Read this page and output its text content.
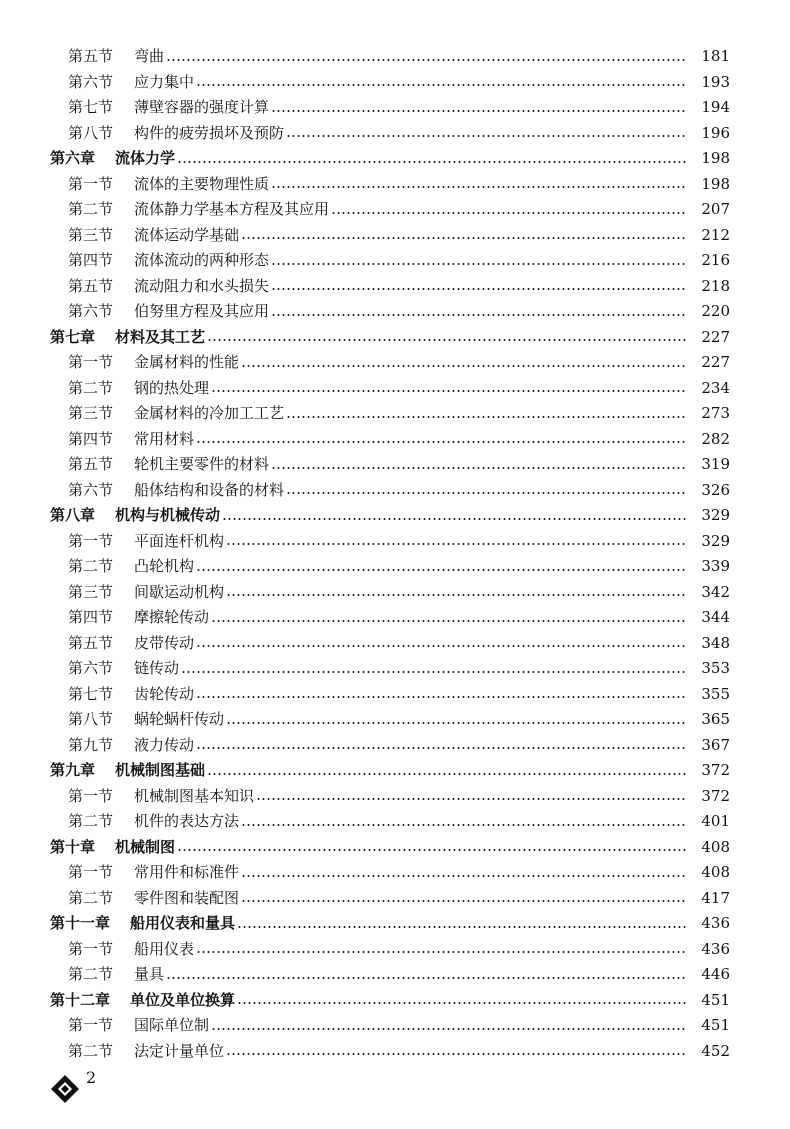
第五节	弯曲	181
第六节	应力集中	193
第七节	薄壁容器的强度计算	194
第八节	构件的疲劳损坏及预防	196
第六章 流体力学	198
第一节	流体的主要物理性质	198
第二节	流体静力学基本方程及其应用	207
第三节	流体运动学基础	212
第四节	流体流动的两种形态	216
第五节	流动阻力和水头损失	218
第六节	伯努里方程及其应用	220
第七章 材料及其工艺	227
第一节	金属材料的性能	227
第二节	钢的热处理	234
第三节	金属材料的冷加工工艺	273
第四节	常用材料	282
第五节	轮机主要零件的材料	319
第六节	船体结构和设备的材料	326
第八章 机构与机械传动	329
第一节	平面连杆机构	329
第二节	凸轮机构	339
第三节	间歇运动机构	342
第四节	摩擦轮传动	344
第五节	皮带传动	348
第六节	链传动	353
第七节	齿轮传动	355
第八节	蜗轮蜗杆传动	365
第九节	液力传动	367
第九章 机械制图基础	372
第一节	机械制图基本知识	372
第二节	机件的表达方法	401
第十章 机械制图	408
第一节	常用件和标准件	408
第二节	零件图和装配图	417
第十一章 船用仪表和量具	436
第一节	船用仪表	436
第二节	量具	446
第十二章 单位及单位换算	451
第一节	国际单位制	451
第二节	法定计量单位	452
2
